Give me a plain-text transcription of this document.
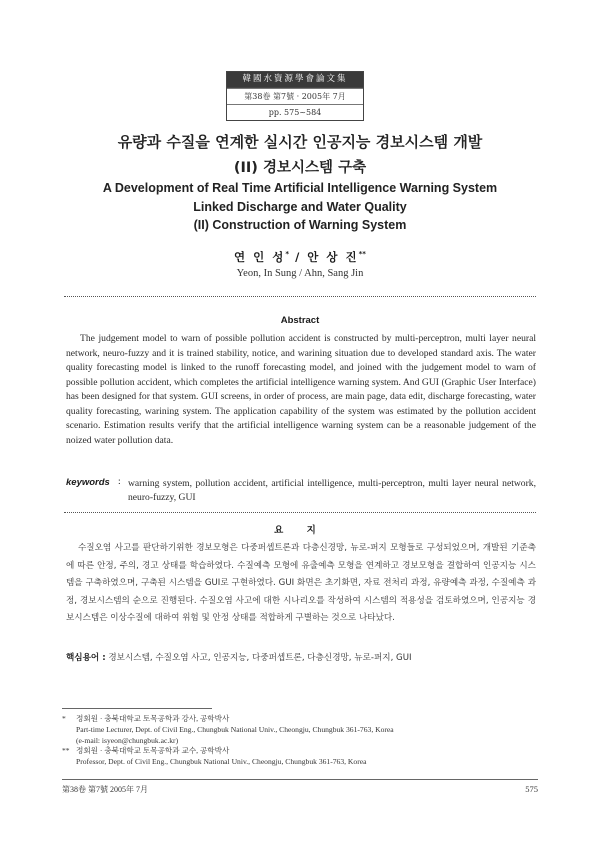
韓國水資源學會論文集
第38卷 第7號 · 2005年 7月
pp. 575~584
유량과 수질을 연계한 실시간 인공지능 경보시스템 개발
(II) 경보시스템 구축
A Development of Real Time Artificial Intelligence Warning System
Linked Discharge and Water Quality
(II) Construction of Warning System
연 인 성* / 안 상 진**
Yeon, In Sung / Ahn, Sang Jin
Abstract
The judgement model to warn of possible pollution accident is constructed by multi-perceptron, multi layer neural network, neuro-fuzzy and it is trained stability, notice, and warining situation due to developed standard axis. The water quality forecasting model is linked to the runoff forecasting model, and joined with the judgement model to warn of possible pollution accident, which completes the artificial intelligence warning system. And GUI (Graphic User Interface) has been designed for that system. GUI screens, in order of process, are main page, data edit, discharge forecasting, water quality forecasting, warining system. The application capability of the system was estimated by the pollution accident scenario. Estimation results verify that the artificial intelligence warning system can be a reasonable judgement of the noized water pollution data.
keywords : warning system, pollution accident, artificial intelligence, multi-perceptron, multi layer neural network, neuro-fuzzy, GUI
요 지
수질오염 사고를 판단하기위한 경보모형은 다중퍼셉트론과 다층신경망, 뉴로-퍼지 모형들로 구성되었으며, 개발된 기준축에 따른 안정, 주의, 경고 상태를 학습하였다. 수질예측 모형에 유출예측 모형을 연계하고 경보모형을 결합하여 인공지능 시스템을 구축하였으며, 구축된 시스템을 GUI로 구현하였다. GUI 화면은 초기화면, 자료 전처리 과정, 유량예측 과정, 수질예측 과정, 경보시스템의 순으로 진행된다. 수질오염 사고에 대한 시나리오를 작성하여 시스템의 적용성을 검토하였으며, 인공지능 경보시스템은 이상수질에 대하여 위험 및 안정 상태를 적합하게 구별하는 것으로 나타났다.
핵심용어 : 경보시스템, 수질오염 사고, 인공지능, 다중퍼셉트론, 다층신경망, 뉴로-퍼지, GUI
* 정회원 · 충북대학교 토목공학과 강사, 공학박사
Part-time Lecturer, Dept. of Civil Eng., Chungbuk National Univ., Cheongju, Chungbuk 361-763, Korea
(e-mail: isyeon@chungbuk.ac.kr)
** 정회원 · 충북대학교 토목공학과 교수, 공학박사
Professor, Dept. of Civil Eng., Chungbuk National Univ., Cheongju, Chungbuk 361-763, Korea
第38卷 第7號 2005年 7月	575
